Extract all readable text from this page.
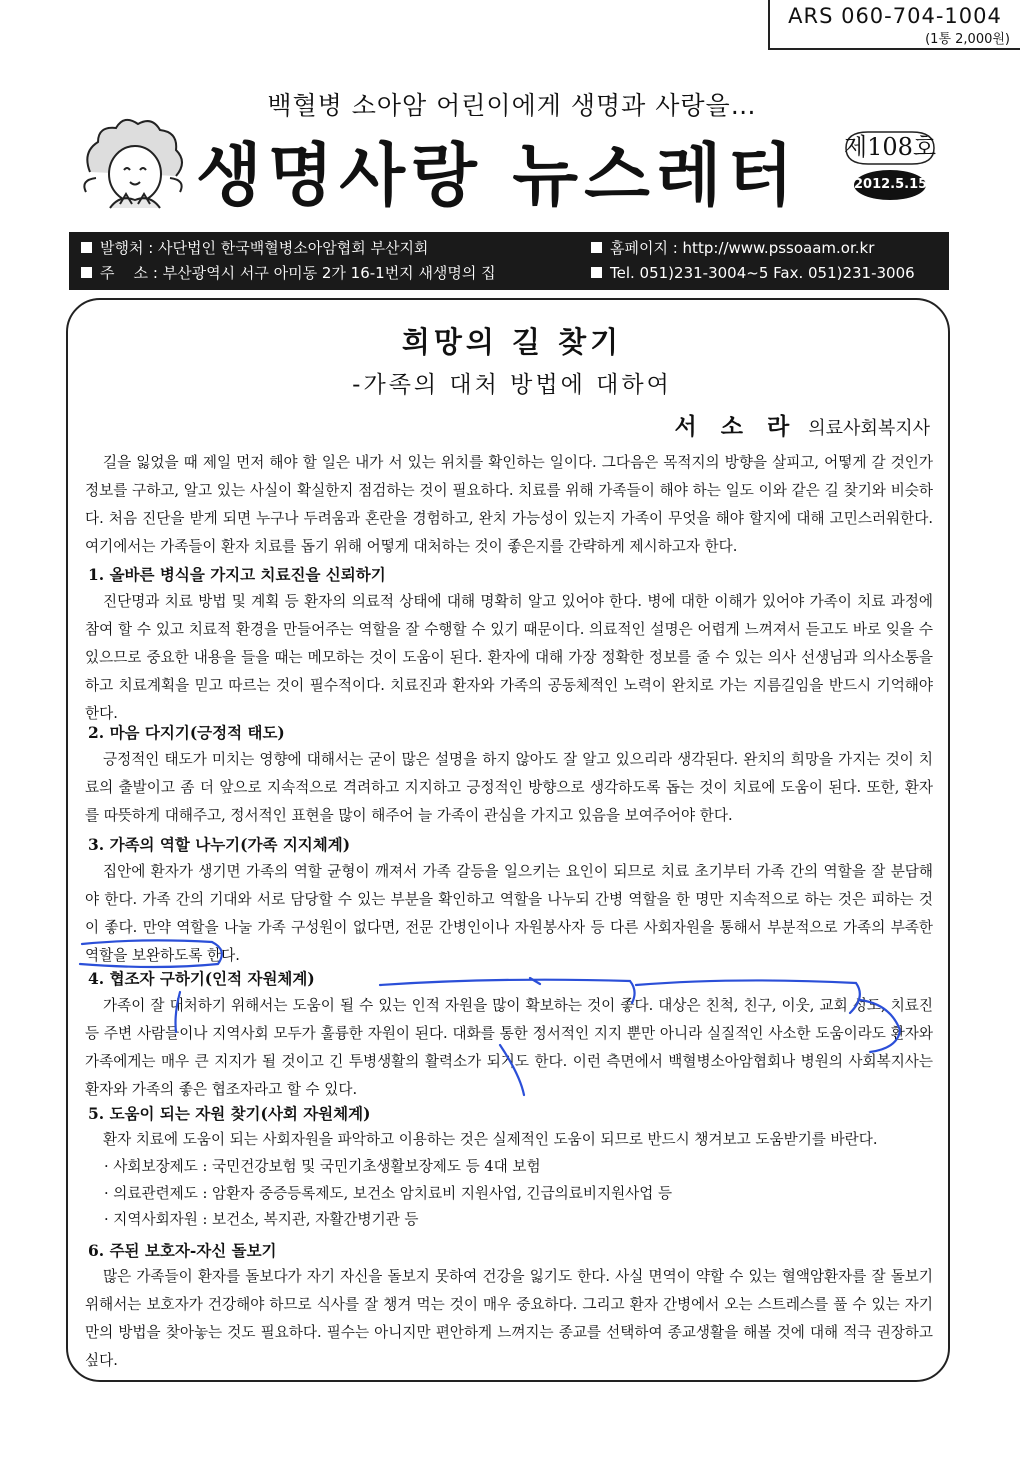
ARS 060-704-1004
(1통 2,000원)
백혈병 소아암 어린이에게 생명과 사랑을…
생명사랑 뉴스레터	제108호
2012.5.15
발행처 : 사단법인 한국백혈병소아암협회 부산지회	홈페이지 : http://www.pssoaam.or.kr
주    소 : 부산광역시 서구 아미동 2가 16-1번지 새생명의 집	Tel. 051)231-3004~5 Fax. 051)231-3006
희망의 길 찾기
-가족의 대처 방법에 대하여
서 소 라 의료사회복지사
길을 잃었을 때 제일 먼저 해야 할 일은 내가 서 있는 위치를 확인하는 일이다. 그다음은 목적지의 방향을 살피고, 어떻게 갈 것인가 정보를 구하고, 알고 있는 사실이 확실한지 점검하는 것이 필요하다. 치료를 위해 가족들이 해야 하는 일도 이와 같은 길 찾기와 비슷하다. 처음 진단을 받게 되면 누구나 두려움과 혼란을 경험하고, 완치 가능성이 있는지 가족이 무엇을 해야 할지에 대해 고민스러워한다. 여기에서는 가족들이 환자 치료를 돕기 위해 어떻게 대처하는 것이 좋은지를 간략하게 제시하고자 한다.
1. 올바른 병식을 가지고 치료진을 신뢰하기
진단명과 치료 방법 및 계획 등 환자의 의료적 상태에 대해 명확히 알고 있어야 한다. 병에 대한 이해가 있어야 가족이 치료 과정에 참여 할 수 있고 치료적 환경을 만들어주는 역할을 잘 수행할 수 있기 때문이다. 의료적인 설명은 어렵게 느껴져서 듣고도 바로 잊을 수 있으므로 중요한 내용을 들을 때는 메모하는 것이 도움이 된다. 환자에 대해 가장 정확한 정보를 줄 수 있는 의사 선생님과 의사소통을 하고 치료계획을 믿고 따르는 것이 필수적이다. 치료진과 환자와 가족의 공동체적인 노력이 완치로 가는 지름길임을 반드시 기억해야 한다.
2. 마음 다지기(긍정적 태도)
긍정적인 태도가 미치는 영향에 대해서는 굳이 많은 설명을 하지 않아도 잘 알고 있으리라 생각된다. 완치의 희망을 가지는 것이 치료의 출발이고 좀 더 앞으로 지속적으로 격려하고 지지하고 긍정적인 방향으로 생각하도록 돕는 것이 치료에 도움이 된다. 또한, 환자를 따뜻하게 대해주고, 정서적인 표현을 많이 해주어 늘 가족이 관심을 가지고 있음을 보여주어야 한다.
3. 가족의 역할 나누기(가족 지지체계)
집안에 환자가 생기면 가족의 역할 균형이 깨져서 가족 갈등을 일으키는 요인이 되므로 치료 초기부터 가족 간의 역할을 잘 분담해야 한다. 가족 간의 기대와 서로 담당할 수 있는 부분을 확인하고 역할을 나누되 간병 역할을 한 명만 지속적으로 하는 것은 피하는 것이 좋다. 만약 역할을 나눌 가족 구성원이 없다면, 전문 간병인이나 자원봉사자 등 다른 사회자원을 통해서 부분적으로 가족의 부족한 역할을 보완하도록 한다.
4. 협조자 구하기(인적 자원체계)
가족이 잘 대처하기 위해서는 도움이 될 수 있는 인적 자원을 많이 확보하는 것이 좋다. 대상은 친척, 친구, 이웃, 교회 성도, 치료진 등 주변 사람들이나 지역사회 모두가 훌륭한 자원이 된다. 대화를 통한 정서적인 지지 뿐만 아니라 실질적인 사소한 도움이라도 환자와 가족에게는 매우 큰 지지가 될 것이고 긴 투병생활의 활력소가 되기도 한다. 이런 측면에서 백혈병소아암협회나 병원의 사회복지사는 환자와 가족의 좋은 협조자라고 할 수 있다.
5. 도움이 되는 자원 찾기(사회 자원체계)
환자 치료에 도움이 되는 사회자원을 파악하고 이용하는 것은 실제적인 도움이 되므로 반드시 챙겨보고 도움받기를 바란다.
· 사회보장제도 : 국민건강보험 및 국민기초생활보장제도 등 4대 보험
· 의료관련제도 : 암환자 중증등록제도, 보건소 암치료비 지원사업, 긴급의료비지원사업 등
· 지역사회자원 : 보건소, 복지관, 자활간병기관 등
6. 주된 보호자-자신 돌보기
많은 가족들이 환자를 돌보다가 자기 자신을 돌보지 못하여 건강을 잃기도 한다. 사실 면역이 약할 수 있는 혈액암환자를 잘 돌보기 위해서는 보호자가 건강해야 하므로 식사를 잘 챙겨 먹는 것이 매우 중요하다. 그리고 환자 간병에서 오는 스트레스를 풀 수 있는 자기만의 방법을 찾아놓는 것도 필요하다. 필수는 아니지만 편안하게 느껴지는 종교를 선택하여 종교생활을 해볼 것에 대해 적극 권장하고 싶다.
